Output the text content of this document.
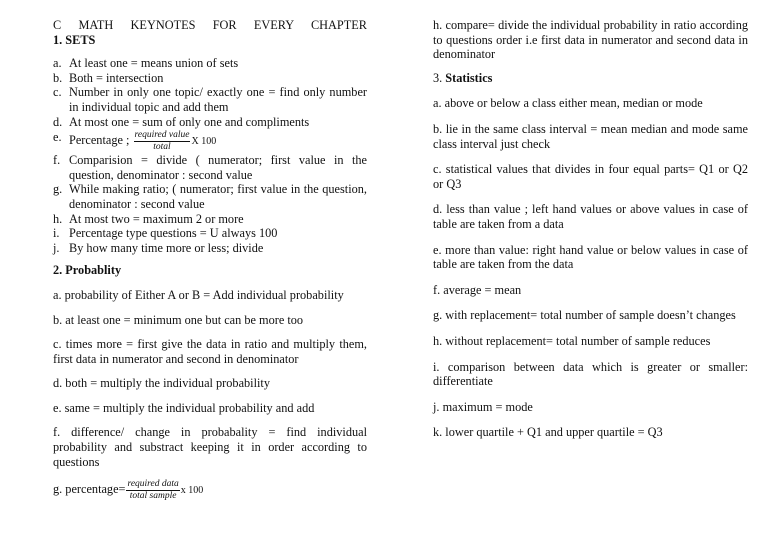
C MATH KEYNOTES FOR EVERY CHAPTER

1. SETS

a. At least one = means union of sets
b. Both = intersection
c. Number in only one topic/ exactly one = find only number in individual topic and add them
d. At most one = sum of only one and compliments
e. Percentage ; $\frac{\text{required value}}{\text{total}}$ X 100
f. Comparision = divide ( numerator; first value in the question, denominator : second value
g. While making ratio; ( numerator; first value in the question, denominator : second value
h. At most two = maximum 2 or more
i. Percentage type questions = U always 100
j. By how many time more or less; divide

2. Probablity

a. probability of Either A or B = Add individual probability

b. at least one = minimum one but can be more too

c. times more = first give the data in ratio and multiply them, first data in numerator and second in denominator

d. both = multiply the individual probability

e. same = multiply the individual probability and add

f. difference/ change in probabality = find individual probability and substract keeping it in order according to questions

g. percentage= $\frac{\text{required data}}{\text{total sample}}$ x 100

h. compare= divide the individual probability in ratio according to questions order i.e first data in numerator and second data in denominator

3. Statistics

a. above or below a class either mean, median or mode

b. lie in the same class interval = mean median and mode same class interval just check

c. statistical values that divides in four equal parts= Q1 or Q2 or Q3

d. less than value ; left hand values or above values in case of table are taken from a data

e. more than value: right hand value or below values in case of table are taken from the data

f. average = mean

g. with replacement= total number of sample doesn’t changes

h. without replacement= total number of sample reduces

i. comparison between data which is greater or smaller: differentiate

j. maximum = mode

k. lower quartile + Q1 and upper quartile = Q3
